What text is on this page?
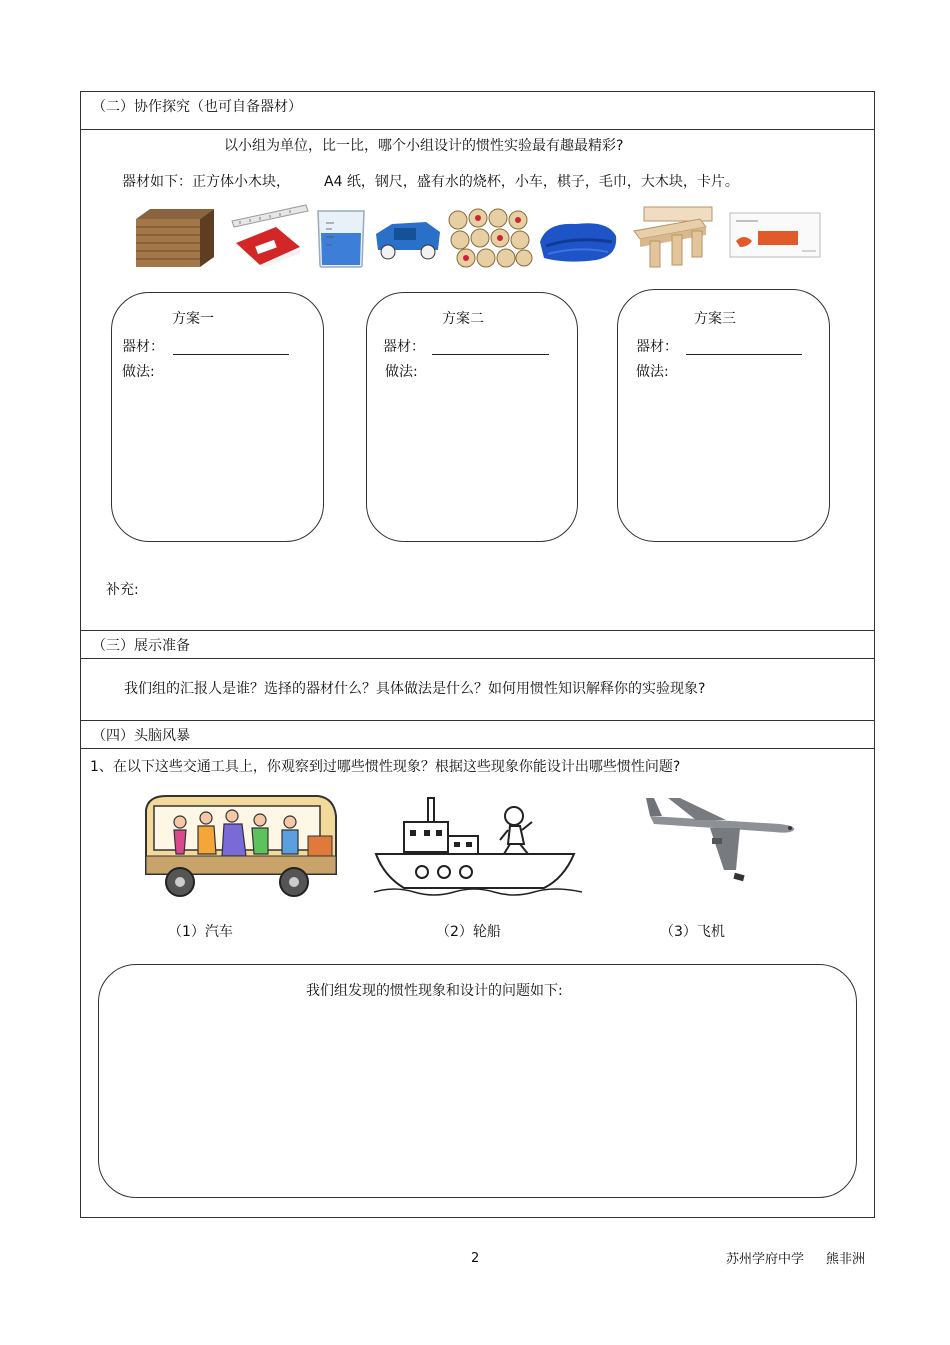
（二）协作探究（也可自备器材）
以小组为单位，比一比，哪个小组设计的惯性实验最有趣最精彩?
器材如下：正方体小木块， A4 纸，钢尺，盛有水的烧杯，小车，棋子，毛巾，大木块，卡片。
方案一
器材：
做法:
方案二
器材：
做法:
方案三
器材：
做法:
补充:
（三）展示准备
我们组的汇报人是谁？选择的器材什么？具体做法是什么？如何用惯性知识解释你的实验现象?
（四）头脑风暴
1、在以下这些交通工具上，你观察到过哪些惯性现象？根据这些现象你能设计出哪些惯性问题?
（1）汽车	（2）轮船	（3）飞机
我们组发现的惯性现象和设计的问题如下:
2	苏州学府中学 熊非洲
